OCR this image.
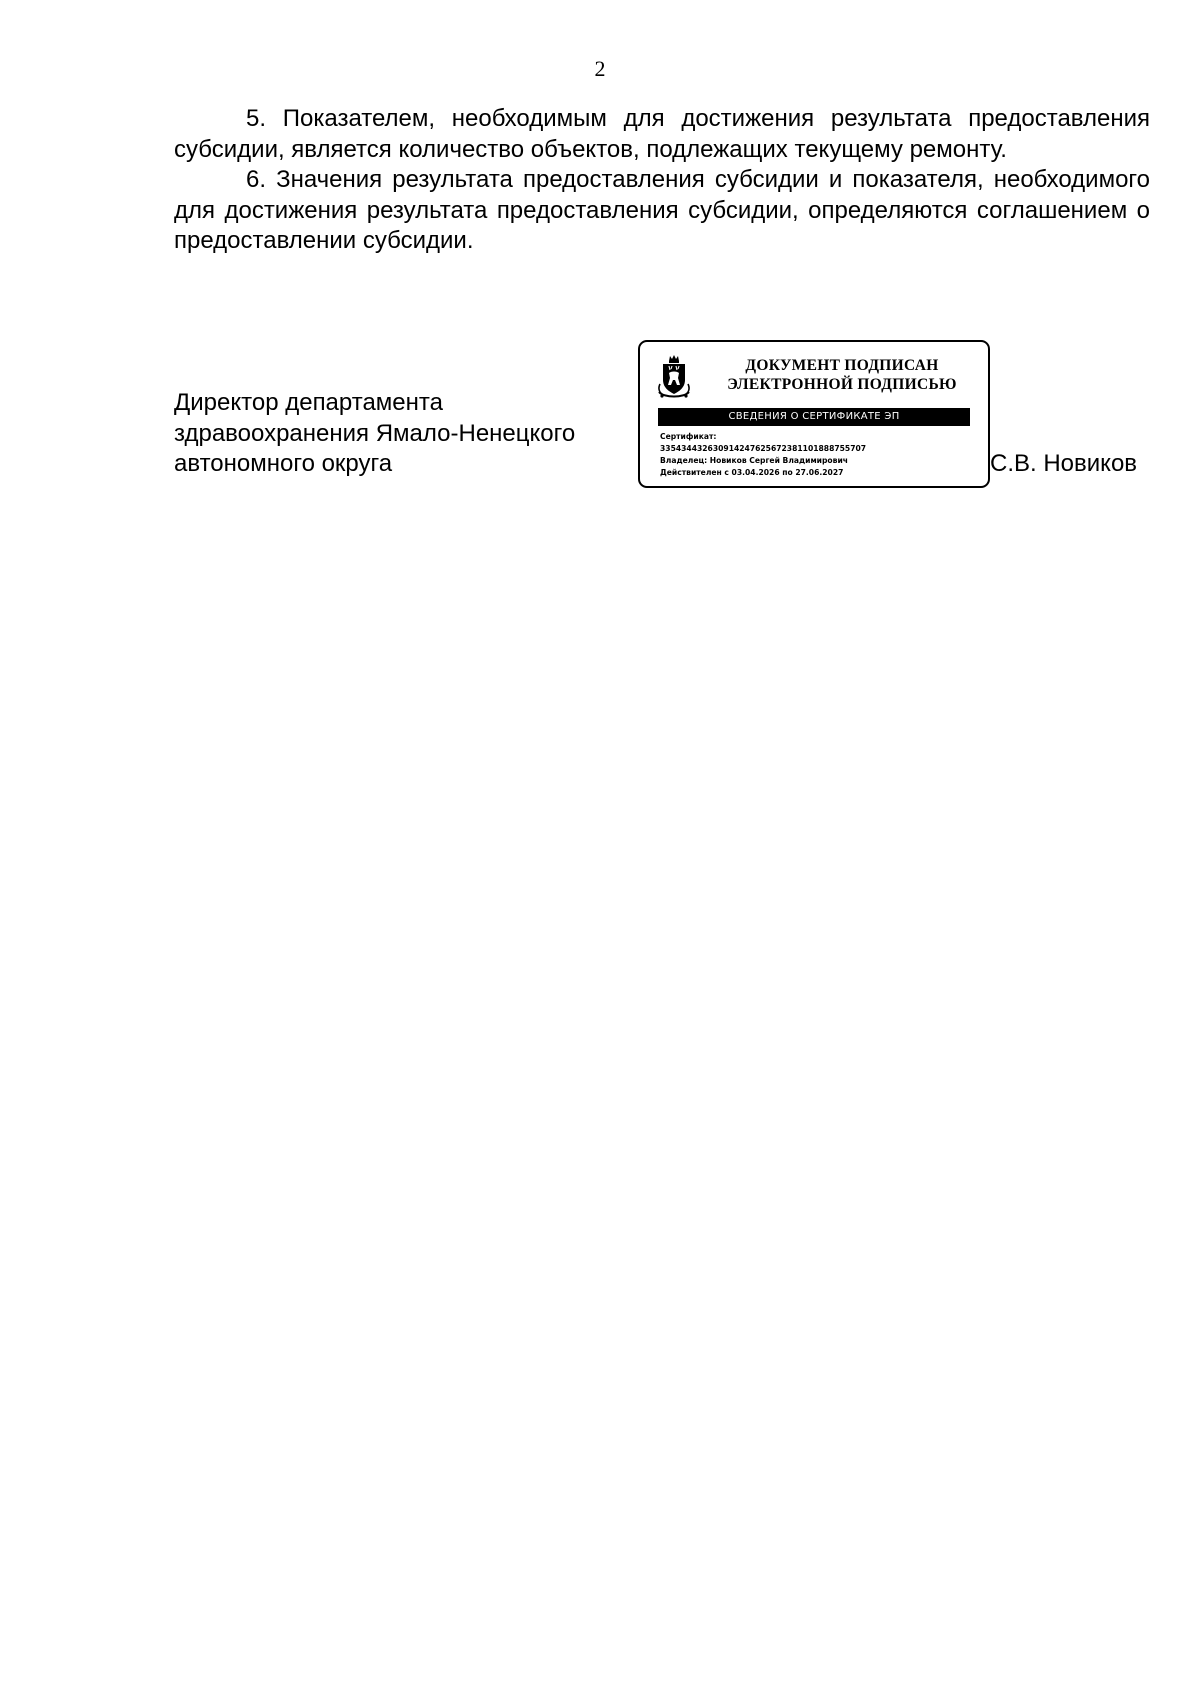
2

5. Показателем, необходимым для достижения результата предоставления субсидии, является количество объектов, подлежащих текущему ремонту.

6. Значения результата предоставления субсидии и показателя, необходимого для достижения результата предоставления субсидии, определяются соглашением о предоставлении субсидии.

Директор департамента
здравоохранения Ямало-Ненецкого
автономного округа
ДОКУМЕНТ ПОДПИСАН
ЭЛЕКТРОННОЙ ПОДПИСЬЮ
СВЕДЕНИЯ О СЕРТИФИКАТЕ ЭП
Сертификат:
335434432630914247625672381101888755707
Владелец: Новиков Сергей Владимирович
Действителен с 03.04.2026 по 27.06.2027	С.В. Новиков
